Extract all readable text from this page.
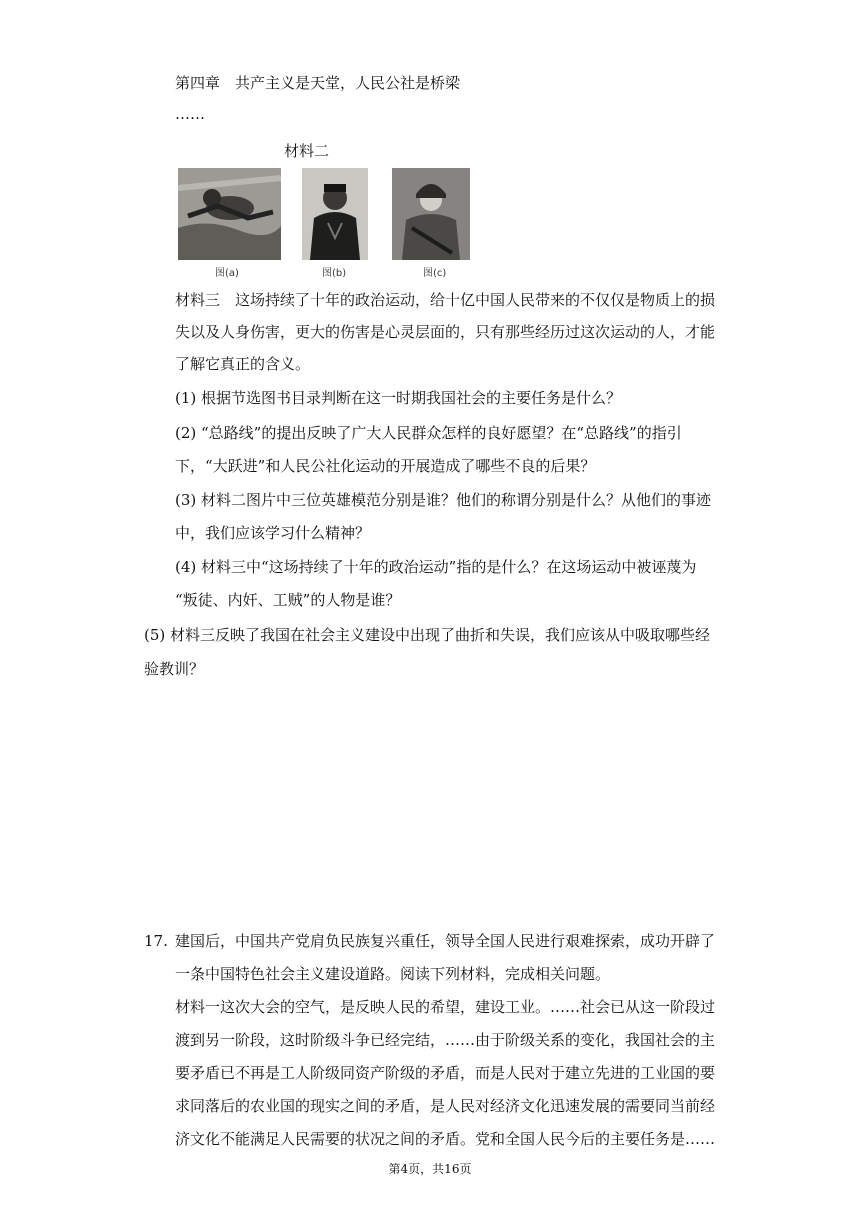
第四章　共产主义是天堂，人民公社是桥梁
……
材料二
图(a)	图(b)	图(c)
材料三　这场持续了十年的政治运动，给十亿中国人民带来的不仅仅是物质上的损
失以及人身伤害，更大的伤害是心灵层面的，只有那些经历过这次运动的人，才能
了解它真正的含义。
(1) 根据节选图书目录判断在这一时期我国社会的主要任务是什么？
(2) “总路线”的提出反映了广大人民群众怎样的良好愿望？在“总路线”的指引
下，“大跃进”和人民公社化运动的开展造成了哪些不良的后果？
(3) 材料二图片中三位英雄模范分别是谁？他们的称谓分别是什么？从他们的事迹
中，我们应该学习什么精神？
(4) 材料三中“这场持续了十年的政治运动”指的是什么？在这场运动中被诬蔑为
“叛徒、内奸、工贼”的人物是谁？
(5) 材料三反映了我国在社会主义建设中出现了曲折和失误，我们应该从中吸取哪些经
验教训？
17. 建国后，中国共产党肩负民族复兴重任，领导全国人民进行艰难探索，成功开辟了
一条中国特色社会主义建设道路。阅读下列材料，完成相关问题。
材料一这次大会的空气，是反映人民的希望，建设工业。……社会已从这一阶段过
渡到另一阶段，这时阶级斗争已经完结，……由于阶级关系的变化，我国社会的主
要矛盾已不再是工人阶级同资产阶级的矛盾，而是人民对于建立先进的工业国的要
求同落后的农业国的现实之间的矛盾，是人民对经济文化迅速发展的需要同当前经
济文化不能满足人民需要的状况之间的矛盾。党和全国人民今后的主要任务是……
第4页，共16页
